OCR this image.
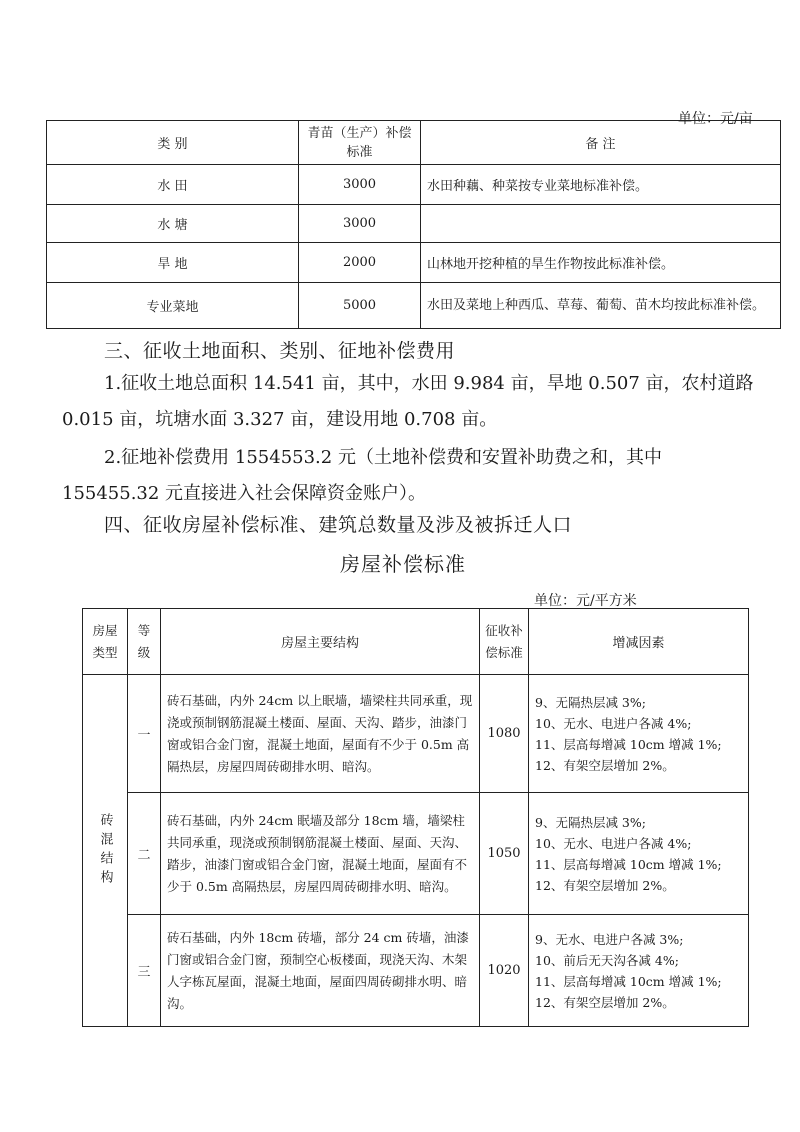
单位：元/亩
类 别	青苗（生产）补偿标准	备 注
水 田	3000	水田种藕、种菜按专业菜地标准补偿。
水 塘	3000	
旱 地	2000	山林地开挖种植的旱生作物按此标准补偿。
专业菜地	5000	水田及菜地上种西瓜、草莓、葡萄、苗木均按此标准补偿。
三、征收土地面积、类别、征地补偿费用
1.征收土地总面积 14.541 亩，其中，水田 9.984 亩，旱地 0.507 亩，农村道路 0.015 亩，坑塘水面 3.327 亩，建设用地 0.708 亩。
2.征地补偿费用 1554553.2 元（土地补偿费和安置补助费之和，其中 155455.32 元直接进入社会保障资金账户）。
四、征收房屋补偿标准、建筑总数量及涉及被拆迁人口
房屋补偿标准
单位：元/平方米
房屋类型	等级	房屋主要结构	征收补偿标准	增减因素

砖混结构	一	砖石基础，内外 24cm 以上眠墙，墙梁柱共同承重，现浇或预制钢筋混凝土楼面、屋面、天沟、踏步，油漆门窗或铝合金门窗，混凝土地面，屋面有不少于 0.5m 高隔热层，房屋四周砖砌排水明、暗沟。	1080	9、无隔热层减 3%;
10、无水、电进户各减 4%;
11、层高每增减 10cm 增减 1%;
12、有架空层增加 2%。

	二	砖石基础，内外 24cm 眠墙及部分 18cm 墙，墙梁柱共同承重，现浇或预制钢筋混凝土楼面、屋面、天沟、踏步，油漆门窗或铝合金门窗，混凝土地面，屋面有不少于 0.5m 高隔热层，房屋四周砖砌排水明、暗沟。	1050	9、无隔热层减 3%;
10、无水、电进户各减 4%;
11、层高每增减 10cm 增减 1%;
12、有架空层增加 2%。

	三	砖石基础，内外 18cm 砖墙，部分 24 cm 砖墙，油漆门窗或铝合金门窗，预制空心板楼面，现浇天沟、木架人字栋瓦屋面，混凝土地面，屋面四周砖砌排水明、暗沟。	1020	9、无水、电进户各减 3%;
10、前后无天沟各减 4%;
11、层高每增减 10cm 增减 1%;
12、有架空层增加 2%。
